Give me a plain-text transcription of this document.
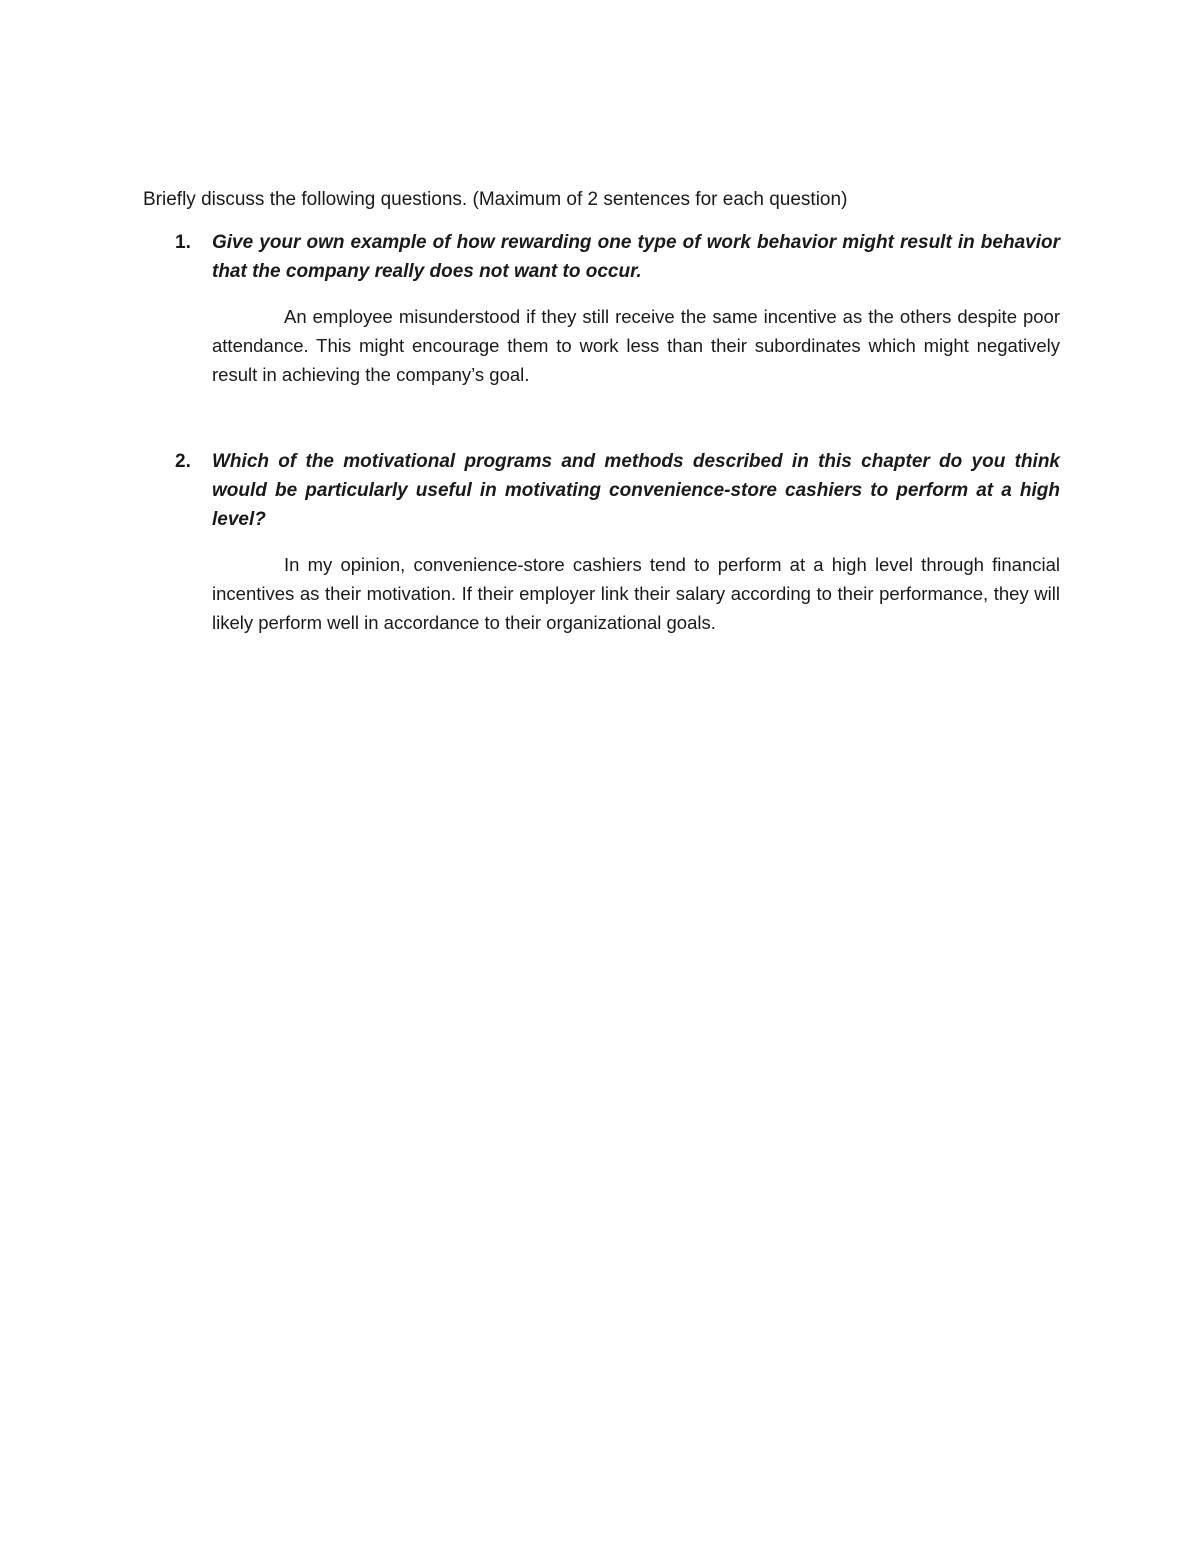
Briefly discuss the following questions. (Maximum of 2 sentences for each question)
1. Give your own example of how rewarding one type of work behavior might result in behavior that the company really does not want to occur.
An employee misunderstood if they still receive the same incentive as the others despite poor attendance. This might encourage them to work less than their subordinates which might negatively result in achieving the company’s goal.
2. Which of the motivational programs and methods described in this chapter do you think would be particularly useful in motivating convenience-store cashiers to perform at a high level?
In my opinion, convenience-store cashiers tend to perform at a high level through financial incentives as their motivation. If their employer link their salary according to their performance, they will likely perform well in accordance to their organizational goals.
